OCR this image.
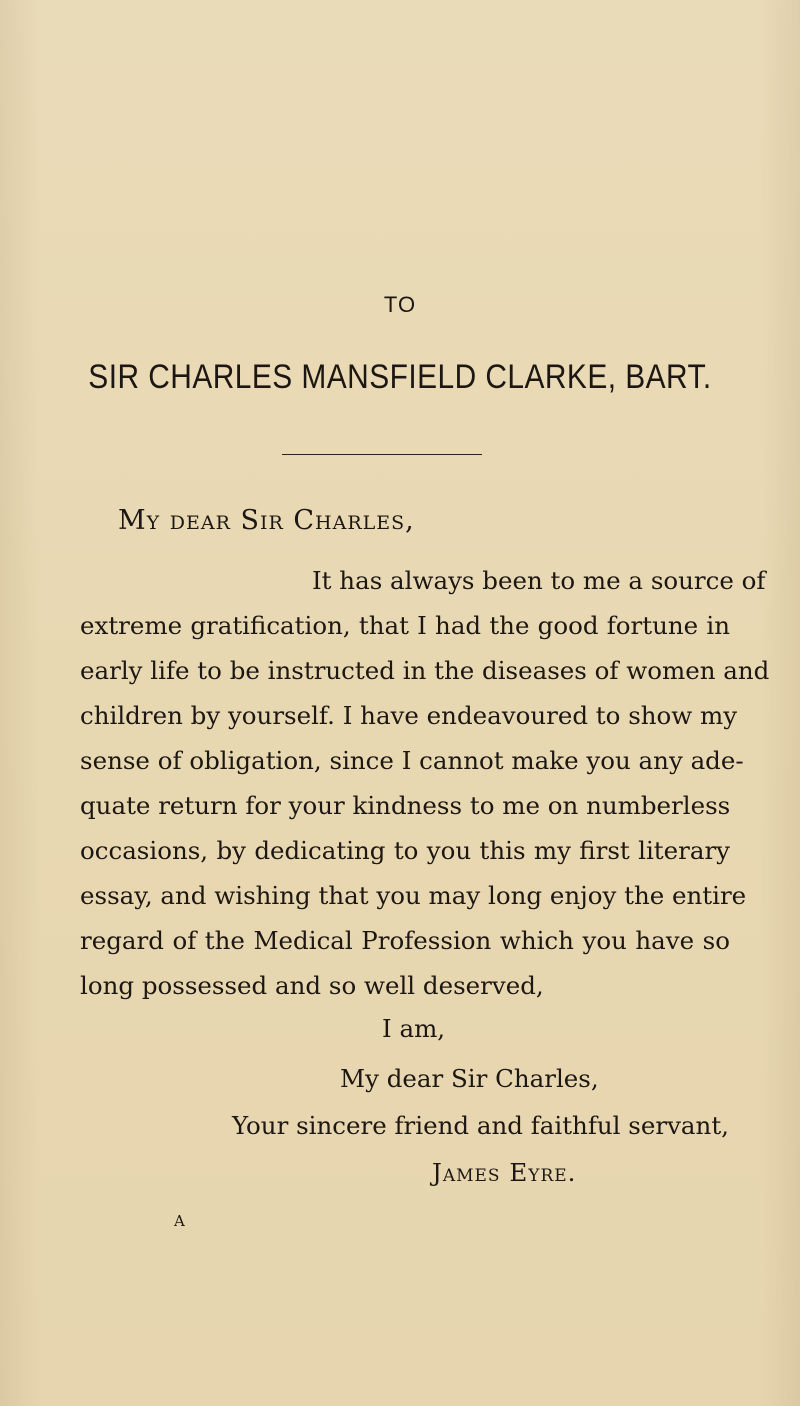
TO
SIR CHARLES MANSFIELD CLARKE, BART.
My dear Sir Charles,
It has always been to me a source of
extreme gratification, that I had the good fortune in
early life to be instructed in the diseases of women and
children by yourself. I have endeavoured to show my
sense of obligation, since I cannot make you any ade-
quate return for your kindness to me on numberless
occasions, by dedicating to you this my first literary
essay, and wishing that you may long enjoy the entire
regard of the Medical Profession which you have so
long possessed and so well deserved,
I am,
My dear Sir Charles,
Your sincere friend and faithful servant,
James Eyre.
A
